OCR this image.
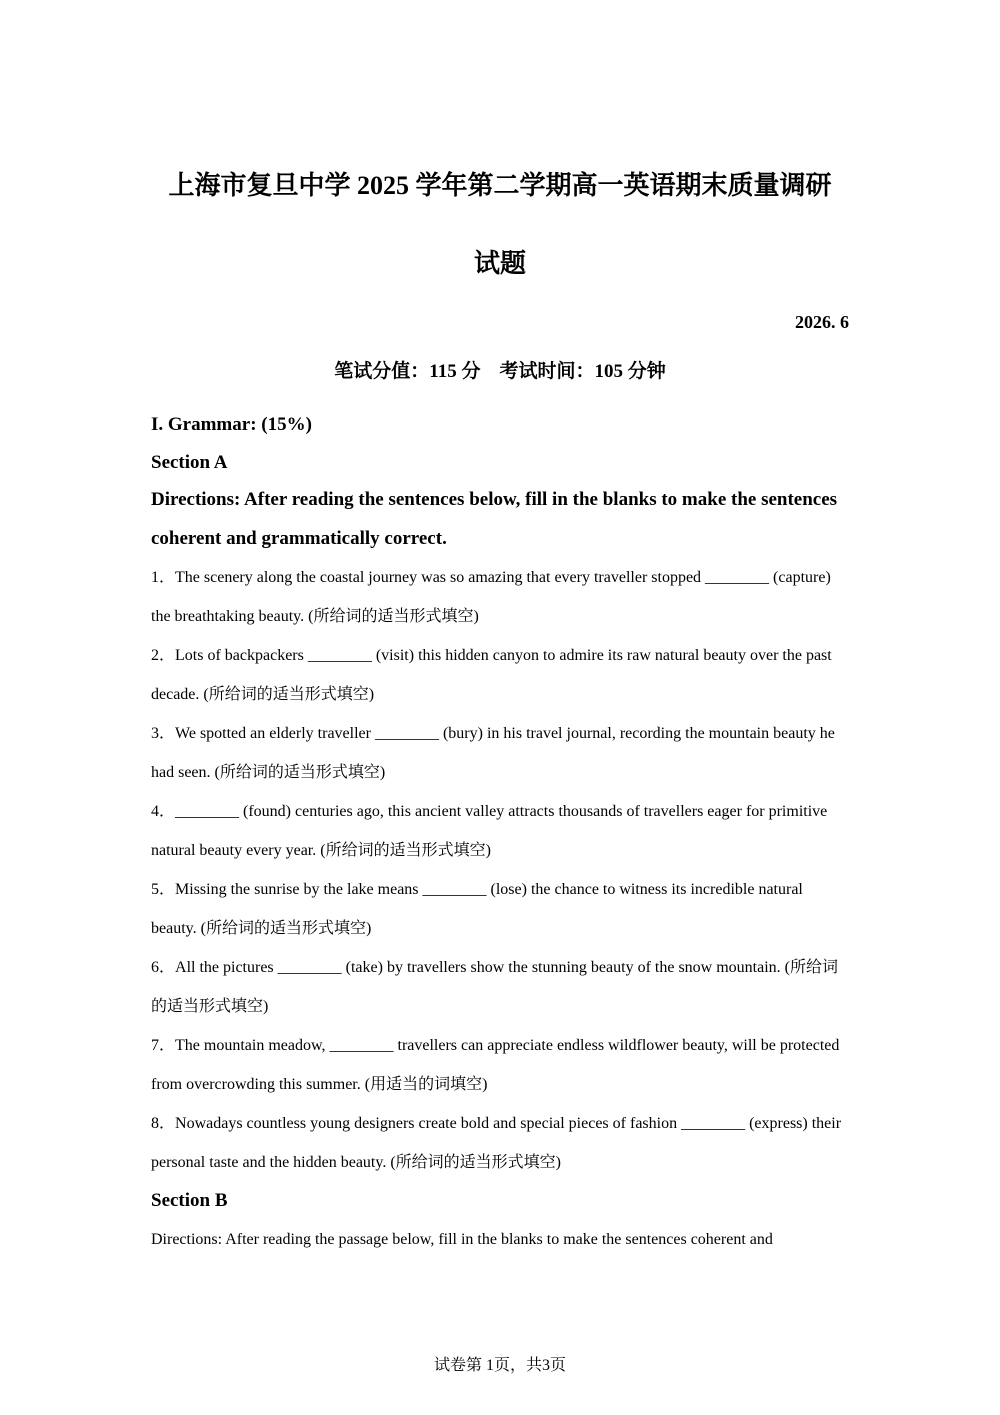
上海市复旦中学 2025 学年第二学期高一英语期末质量调研
试题
2026. 6
笔试分值：115 分　考试时间：105 分钟

I. Grammar: (15%)

Section A

Directions: After reading the sentences below, fill in the blanks to make the sentences coherent and grammatically correct.

1．The scenery along the coastal journey was so amazing that every traveller stopped ________ (capture) the breathtaking beauty. (所给词的适当形式填空)

2．Lots of backpackers ________ (visit) this hidden canyon to admire its raw natural beauty over the past decade. (所给词的适当形式填空)

3．We spotted an elderly traveller ________ (bury) in his travel journal, recording the mountain beauty he had seen. (所给词的适当形式填空)

4．________ (found) centuries ago, this ancient valley attracts thousands of travellers eager for primitive natural beauty every year. (所给词的适当形式填空)

5．Missing the sunrise by the lake means ________ (lose) the chance to witness its incredible natural beauty. (所给词的适当形式填空)

6．All the pictures ________ (take) by travellers show the stunning beauty of the snow mountain. (所给词的适当形式填空)

7．The mountain meadow, ________ travellers can appreciate endless wildflower beauty, will be protected from overcrowding this summer. (用适当的词填空)

8．Nowadays countless young designers create bold and special pieces of fashion ________ (express) their personal taste and the hidden beauty. (所给词的适当形式填空)

Section B

Directions: After reading the passage below, fill in the blanks to make the sentences coherent and

试卷第 1页，共3页
